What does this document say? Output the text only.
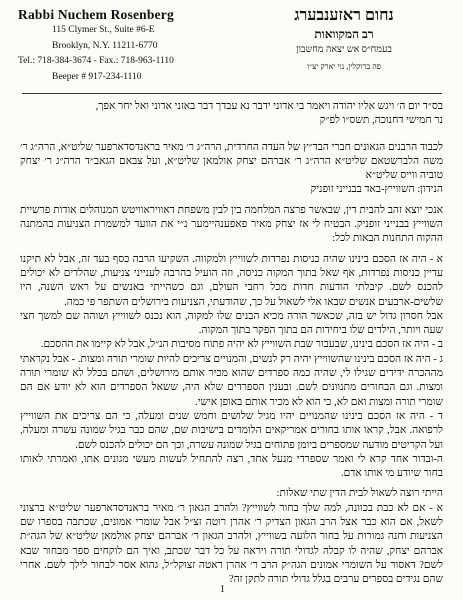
Rabbi Nuchem Rosenberg
115 Clymer St., Suite #6-E
Brooklyn, N.Y. 11211-6770
Tel.: 718-384-3674 - Fax.: 718-963-1110
Beeper # 917-234-1110
נחום ראזענבערג
רב המקוואות
בעמח״ס אש יצאה מחשבון
פה ברוקלין, נוי יארק יצ״ו

בס״ד יום ה׳ ויגש אליו יהודה ויאמר בי אדוני ידבר נא עבדך דבר באזני אדוני ואל יחר אפך,

נר חמישי דחנוכה, תשס״ו לפ״ק

לכבוד הרבנים הגאונים חברי הבד״ץ של העדה החרדית, הרה״ג ר׳ מאיר בראנדסדארפער שליט״א, הרה״ג ר׳ משה הלברשטאם שליט״א הרה״ג ר׳ אברהם יצחק אולמאן שליט״א, ועל צבאם הגאב״ד הרה״ג ר׳ יצחק טוביה ווייס שליט״א

הנידון: השווייץ-באד בבנייני זופניק

אנכי יוצא זהב להבית דין, שבאשר פרצה המלחמה בין לבין משפחת דאוויראוויטש המנוהלים אודות פרשיית השווייץ בבנייני זופניק. הבטיח לי אז יצחק מאיר פאפענהיימער נ״י את הוועד למשמרת הצניעות בהמתנה ההקוה התחנות הבאות לכל:

א - היה אז הסכם בינינו שהיה כניסות נפרדות לשווייץ ולמקווה. השקיעו הרבה כסף בעד זה, אבל לא תיקנו עדיין כניסות נפרדות, אף שאל בתוך המקוה כניסה, וזה הועיל בהרבה לענייני צניעות, שהלדים לא יכולים להכנס לשם. קיבלתי הודעות חדות מכל רחבי העולם, וגם כשהייתי באנשים על ראש השנה, היו שלשים-ארבעים אנשים שבאו אלי לשאול על כך, שהודעתי, הצניעות בירושלים השתפר פי כמה.

אבל חסרון גדול יש בזה, שכאשר הורה מכיא הבנים שלו למקוה, הוא נכנס לשווייץ ושוהה שם למשך חצי שעה ויותר, הילדים שלו ביחידות הם בתוך הפקר בתוך המקוה.

ב - היה אז הסכם בינינו, שבעבור שבת השווייץ לא יהיה פתוח מסיבות הנ״ל, אבל לא קיימו את ההסכם.

ג - היה אז הסכם בינינו שהשווייץ יהיה רק לנשים, והמנויים צריכים להיות שומרי תורה ומצות. - אבל נקראתי מההכרה ידידים שגילו לי, שהיה כמה ספרדים שהוא מכיר אותם מירושלים, ושהם בכלל לא שומרי תורה ומצות. וגם הבחורים מתנוונים לשם. ובענין הספרדים שלא היה, ששאל הספרדים הוא לא יודע אם הם שומרי תורה ומצות ואם לא, כי הוא לא מכיר אותם באופן אישי.

ד - היה אז הסכם בינינו שהמנויים יהיו מגיל שלושים וחמש שנים ומעלה, כי הם צריכים את השווייץ לרפואה. אבל, קראו אותו בחורים אמריקאים הלומדים בישיבות שם, שהם כבר בגיל שמונה עשרה ומעלה, ועל הקריטים מודעה שמספרים ביומן פתוחים בגיל שמונה עשרה, וכך הם יכולים להכנס לשם.

ה-ובדור אחד קרא לי ואמר שספרדי מנעל אחד, רצה להתחיל לעשות מעשי מגונים אתו, ואמרתי לאותו בחור שיודע מי אותו אדם.

הייתי רוצה לשאול לבית הדין שתי שאלות:

א - אם לא כבת בכוונה, למה שלך בחור לשווייץ? ולהרב הגאון ר׳ מאיר בראנדסדארפער שליט״א ברצוני לשאל, אם הוא כבר אצל הרב הגאון הצדיק ר׳ אהרן רוטה זצ״ל אבל שומרי אמונים, שכתבה בספרו שם הצניעות וחנה גמורות על בחור הלועה בשווייץ, ולהרב הגאון ר׳ אברהם יצחק אולמאן שליט״א של הגה״ת אברהם יצחק, שהיה לו קבלה לגדולי תורה ויראה על כל דבר שכתב, ואיך הם לוקחים ספר מבחור שבא לשם? דאסור על השומרי אמונים הגה״ק הרב ר׳ אהרן ראטה זצוקל״ל, גהוא אסר לבחור לילך לשם. אחרי שהם נגידים בספרים ערבים בגלל גדולי תורה לתקן זה?

1
